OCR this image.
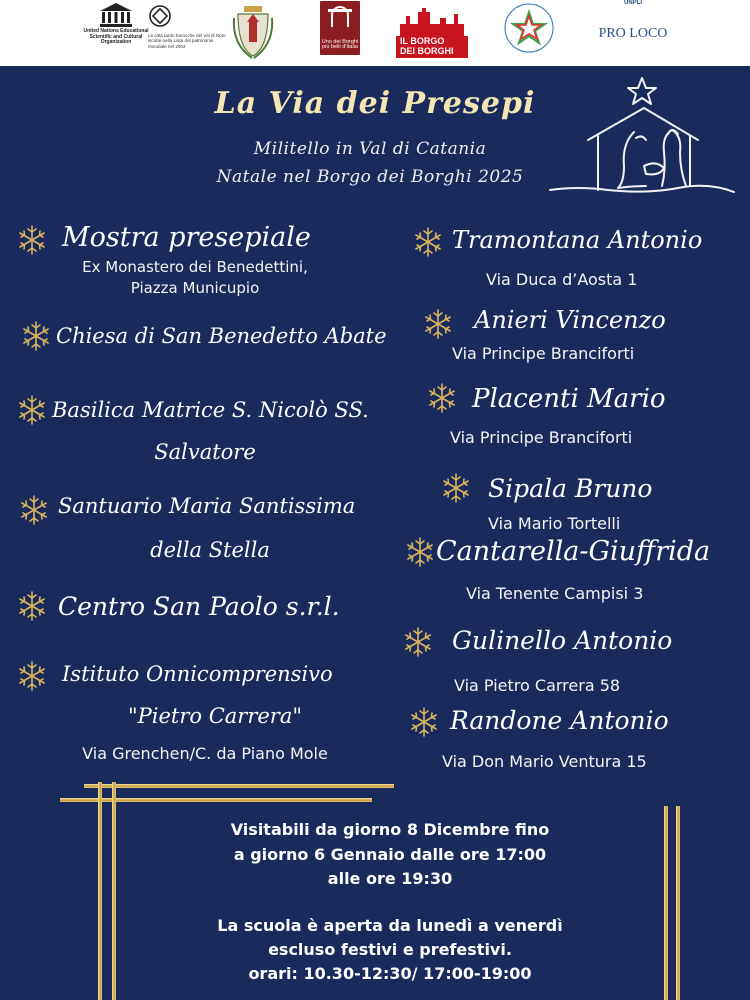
United Nations Educational Scientific and Cultural Organization
Le città tardo barocche del Val di Noto iscritte nella Lista del patrimonio mondiale nel 2002
Uno dei Borghi più belli d'Italia
IL BORGO
DEI BORGHI
UNPLI
PRO LOCO
La Via dei Presepi
Militello in Val di Catania
Natale nel Borgo dei Borghi 2025
Mostra presepiale
Ex Monastero dei Benedettini,
Piazza Municupio
Chiesa di San Benedetto Abate
Basilica Matrice S. Nicolò SS.
Salvatore
Santuario Maria Santissima
della Stella
Centro San Paolo s.r.l.
Istituto Onnicomprensivo
"Pietro Carrera"
Via Grenchen/C. da Piano Mole
Tramontana Antonio
Via Duca d’Aosta 1
Anieri Vincenzo
Via Principe Branciforti
Placenti Mario
Via Principe Branciforti
Sipala Bruno
Via Mario Tortelli
Cantarella-Giuffrida
Via Tenente Campisi 3
Gulinello Antonio
Via Pietro Carrera 58
Randone Antonio
Via Don Mario Ventura 15
Visitabili da giorno 8 Dicembre fino
a giorno 6 Gennaio dalle ore 17:00
alle ore 19:30
La scuola è aperta da lunedì a venerdì
escluso festivi e prefestivi.
orari: 10.30-12:30/ 17:00-19:00
